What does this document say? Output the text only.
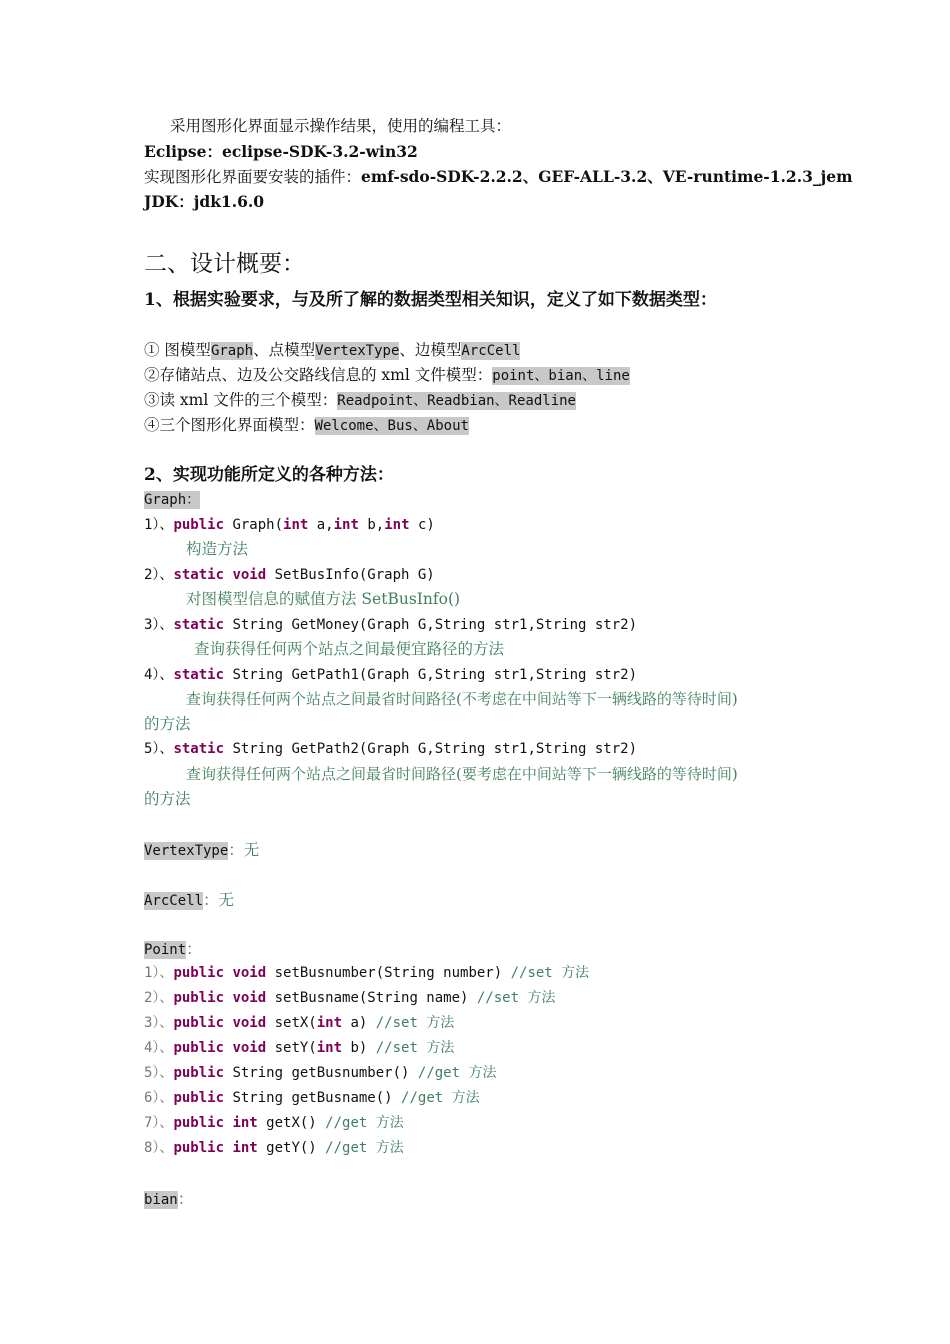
采用图形化界面显示操作结果，使用的编程工具：
Eclipse：eclipse-SDK-3.2-win32
实现图形化界面要安装的插件：emf-sdo-SDK-2.2.2、GEF-ALL-3.2、VE-runtime-1.2.3_jem
JDK：jdk1.6.0
二、设计概要：
1、根据实验要求，与及所了解的数据类型相关知识，定义了如下数据类型：
① 图模型Graph、点模型VertexType、边模型ArcCell
②存储站点、边及公交路线信息的 xml 文件模型：point、bian、line
③读 xml 文件的三个模型：Readpoint、Readbian、Readline
④三个图形化界面模型：Welcome、Bus、About
2、实现功能所定义的各种方法：
Graph：
1）、public Graph(int a,int b,int c)
构造方法
2）、static void SetBusInfo(Graph G)
对图模型信息的赋值方法 SetBusInfo()
3）、static String GetMoney(Graph G,String str1,String str2)
查询获得任何两个站点之间最便宜路径的方法
4）、static String GetPath1(Graph G,String str1,String str2)
查询获得任何两个站点之间最省时间路径(不考虑在中间站等下一辆线路的等待时间)
的方法
5）、static String GetPath2(Graph G,String str1,String str2)
查询获得任何两个站点之间最省时间路径(要考虑在中间站等下一辆线路的等待时间)
的方法
VertexType：无
ArcCell：无
Point：
1）、public void setBusnumber(String number) //set 方法
2）、public void setBusname(String name) //set 方法
3）、public void setX(int a) //set 方法
4）、public void setY(int b) //set 方法
5）、public String getBusnumber() //get 方法
6）、public String getBusname() //get 方法
7）、public int getX() //get 方法
8）、public int getY() //get 方法
bian：
